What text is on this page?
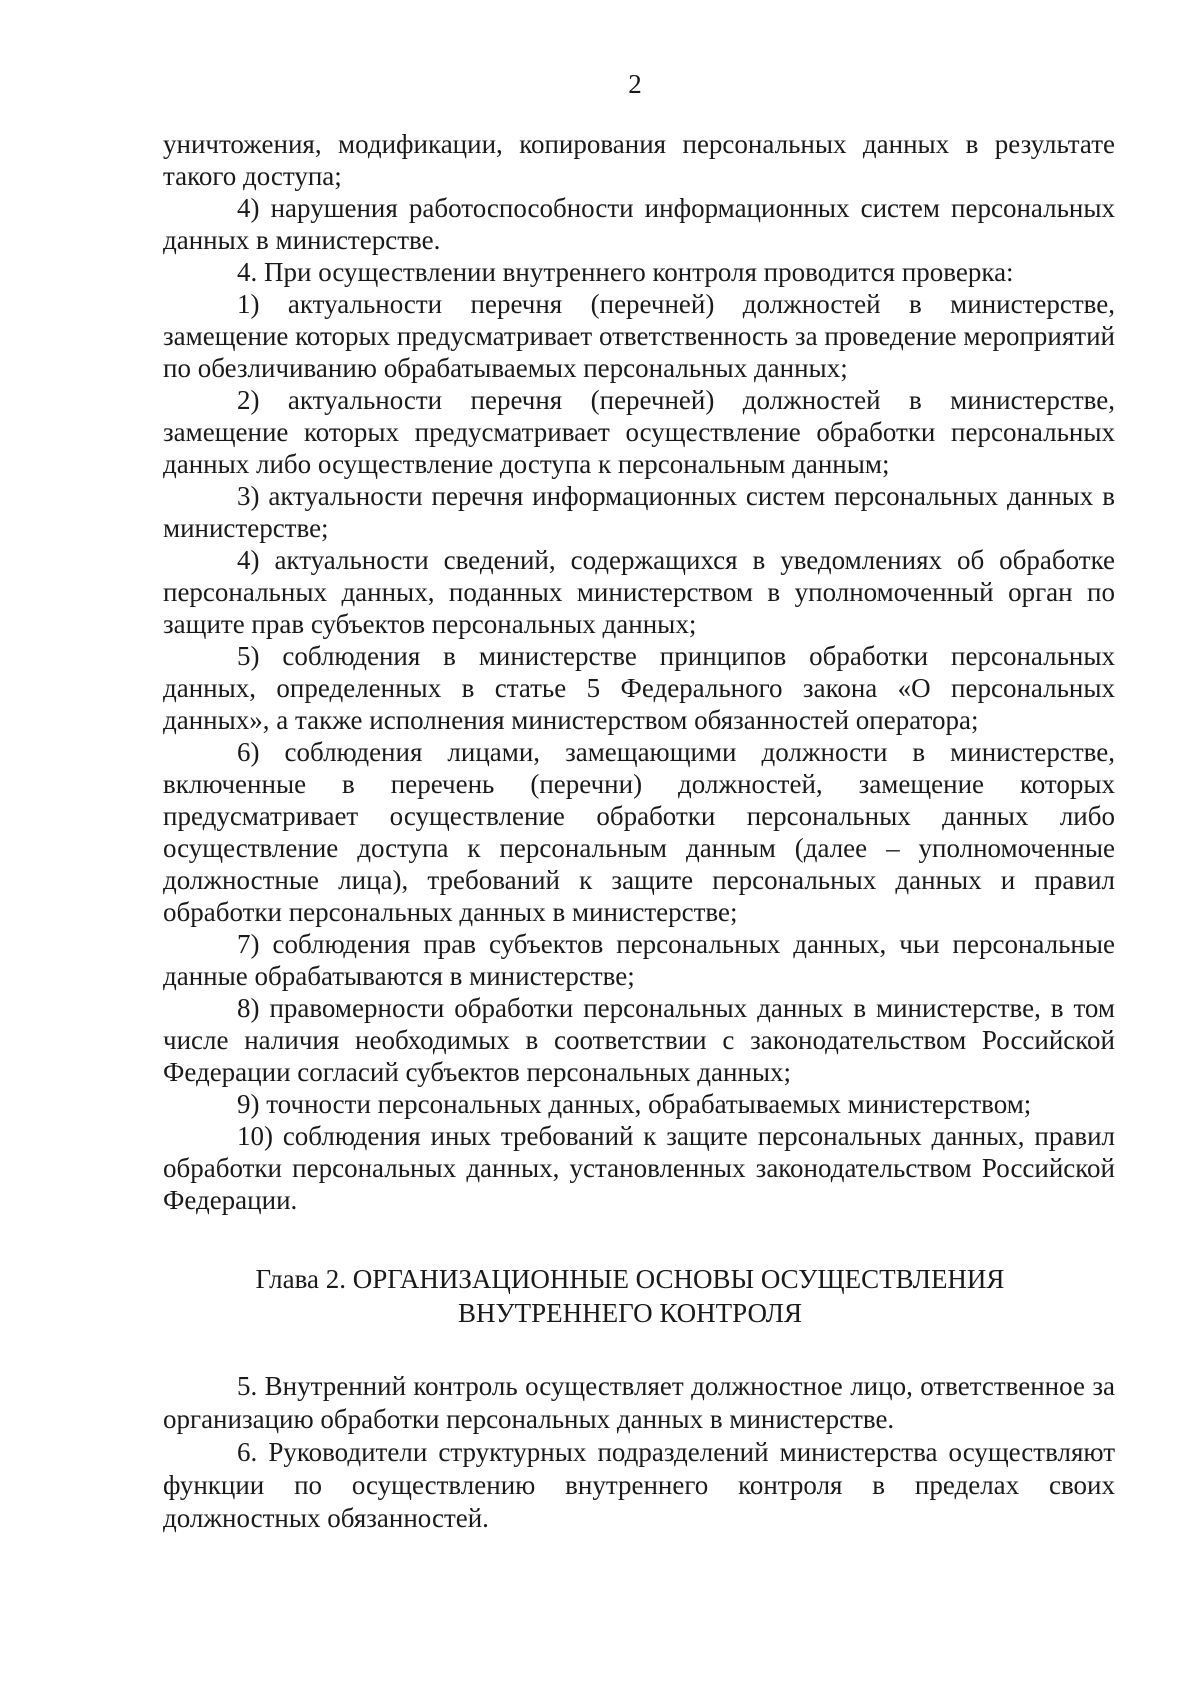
2

уничтожения, модификации, копирования персональных данных в результате такого доступа;

4) нарушения работоспособности информационных систем персональных данных в министерстве.

4. При осуществлении внутреннего контроля проводится проверка:

1) актуальности перечня (перечней) должностей в министерстве, замещение которых предусматривает ответственность за проведение мероприятий по обезличиванию обрабатываемых персональных данных;

2) актуальности перечня (перечней) должностей в министерстве, замещение которых предусматривает осуществление обработки персональных данных либо осуществление доступа к персональным данным;

3) актуальности перечня информационных систем персональных данных в министерстве;

4) актуальности сведений, содержащихся в уведомлениях об обработке персональных данных, поданных министерством в уполномоченный орган по защите прав субъектов персональных данных;

5) соблюдения в министерстве принципов обработки персональных данных, определенных в статье 5 Федерального закона «О персональных данных», а также исполнения министерством обязанностей оператора;

6) соблюдения лицами, замещающими должности в министерстве, включенные в перечень (перечни) должностей, замещение которых предусматривает осуществление обработки персональных данных либо осуществление доступа к персональным данным (далее – уполномоченные должностные лица), требований к защите персональных данных и правил обработки персональных данных в министерстве;

7) соблюдения прав субъектов персональных данных, чьи персональные данные обрабатываются в министерстве;

8) правомерности обработки персональных данных в министерстве, в том числе наличия необходимых в соответствии с законодательством Российской Федерации согласий субъектов персональных данных;

9) точности персональных данных, обрабатываемых министерством;

10) соблюдения иных требований к защите персональных данных, правил обработки персональных данных, установленных законодательством Российской Федерации.

Глава 2. ОРГАНИЗАЦИОННЫЕ ОСНОВЫ ОСУЩЕСТВЛЕНИЯ
ВНУТРЕННЕГО КОНТРОЛЯ

5. Внутренний контроль осуществляет должностное лицо, ответственное за организацию обработки персональных данных в министерстве.

6. Руководители структурных подразделений министерства осуществляют функции по осуществлению внутреннего контроля в пределах своих должностных обязанностей.
